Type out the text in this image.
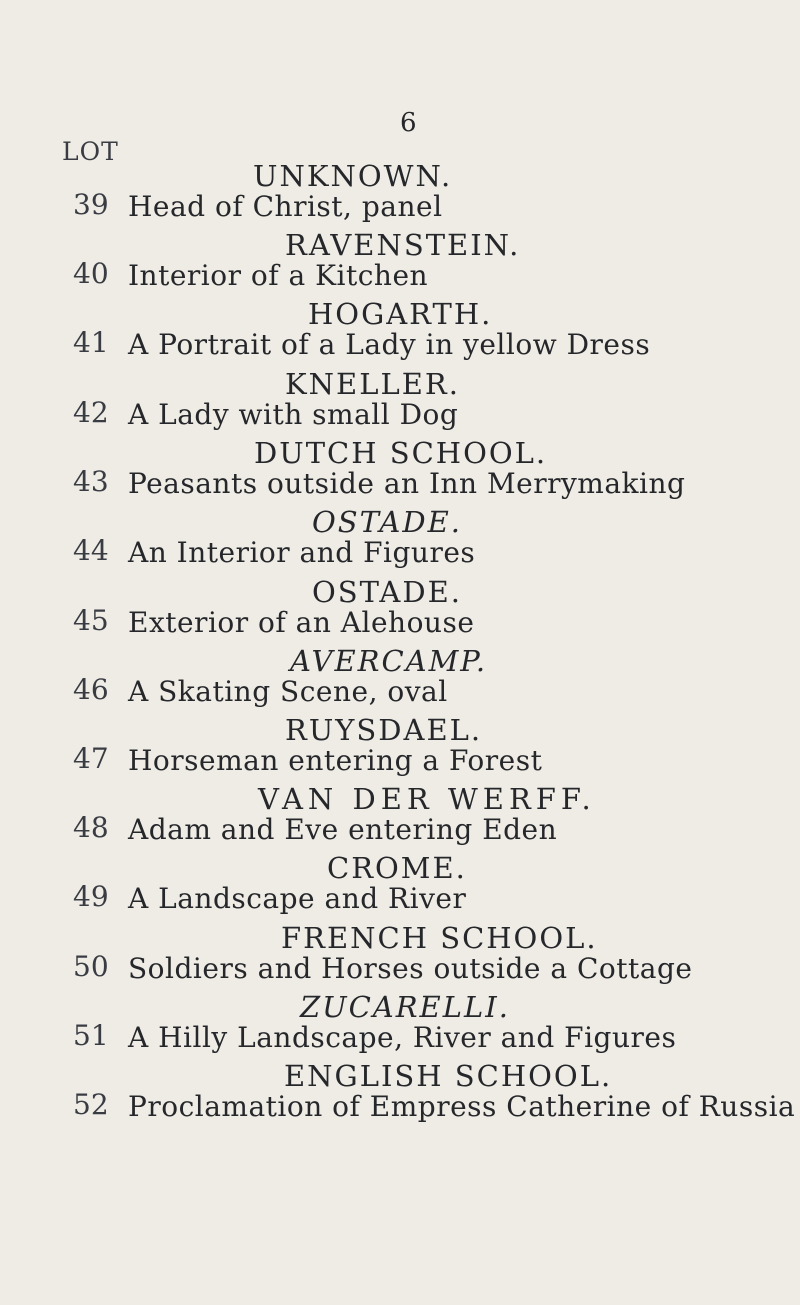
6
LOT
UNKNOWN.
39 Head of Christ, panel
RAVENSTEIN.
40 Interior of a Kitchen
HOGARTH.
41 A Portrait of a Lady in yellow Dress
KNELLER.
42 A Lady with small Dog
DUTCH SCHOOL.
43 Peasants outside an Inn Merrymaking
OSTADE.
44 An Interior and Figures
OSTADE.
45 Exterior of an Alehouse
AVERCAMP.
46 A Skating Scene, oval
RUYSDAEL.
47 Horseman entering a Forest
VAN DER WERFF.
48 Adam and Eve entering Eden
CROME.
49 A Landscape and River
FRENCH SCHOOL.
50 Soldiers and Horses outside a Cottage
ZUCARELLI.
51 A Hilly Landscape, River and Figures
ENGLISH SCHOOL.
52 Proclamation of Empress Catherine of Russia
